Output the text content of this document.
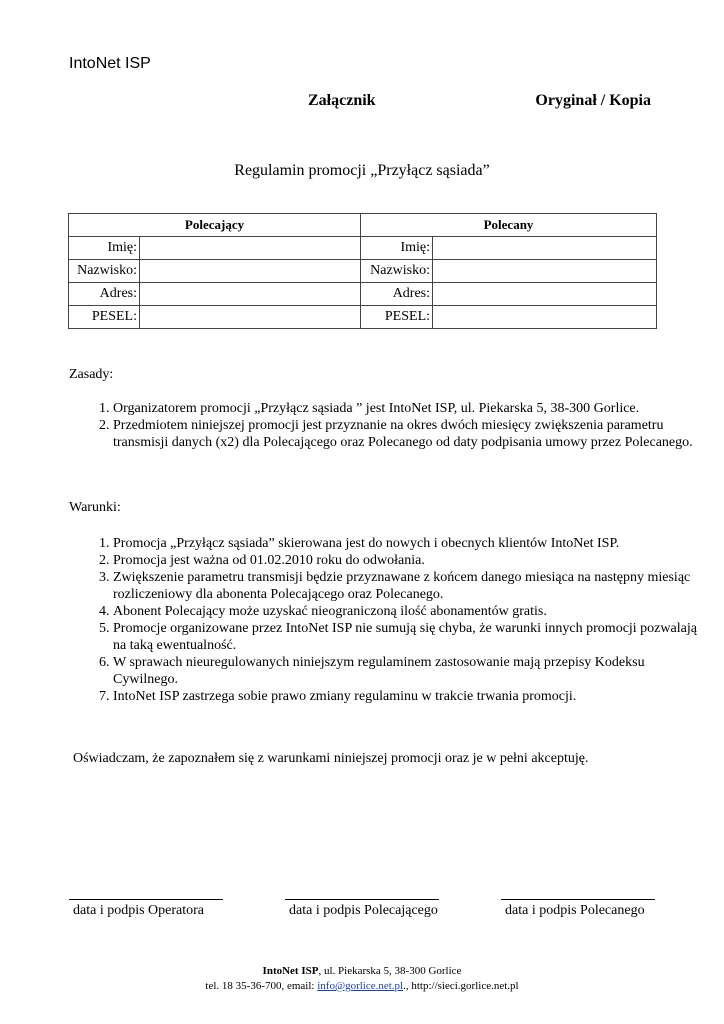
IntoNet ISP
Załącznik	Oryginał / Kopia
Regulamin promocji „Przyłącz sąsiada”
Polecający		Polecany	
Imię:		Imię:	
Nazwisko:		Nazwisko:	
Adres:		Adres:	
PESEL:		PESEL:	
Zasady:
1. Organizatorem promocji „Przyłącz sąsiada ” jest IntoNet ISP, ul. Piekarska 5, 38-300 Gorlice.
2. Przedmiotem niniejszej promocji jest przyznanie na okres dwóch miesięcy zwiększenia parametru transmisji danych (x2) dla Polecającego oraz Polecanego od daty podpisania umowy przez Polecanego.
Warunki:
1. Promocja „Przyłącz sąsiada” skierowana jest do nowych i obecnych klientów IntoNet ISP.
2. Promocja jest ważna od 01.02.2010 roku do odwołania.
3. Zwiększenie parametru transmisji będzie przyznawane z końcem danego miesiąca na następny miesiąc rozliczeniowy dla abonenta Polecającego oraz Polecanego.
4. Abonent Polecający może uzyskać nieograniczoną ilość abonamentów gratis.
5. Promocje organizowane przez IntoNet ISP nie sumują się chyba, że warunki innych promocji pozwalają na taką ewentualność.
6. W sprawach nieuregulowanych niniejszym regulaminem zastosowanie mają przepisy Kodeksu Cywilnego.
7. IntoNet ISP zastrzega sobie prawo zmiany regulaminu w trakcie trwania promocji.
Oświadczam, że zapoznałem się z warunkami niniejszej promocji oraz je w pełni akceptuję.
data i podpis Operatora	data i podpis Polecającego	data i podpis Polecanego
IntoNet ISP, ul. Piekarska 5, 38-300 Gorlice
tel. 18 35-36-700, email: info@gorlice.net.pl., http://sieci.gorlice.net.pl
